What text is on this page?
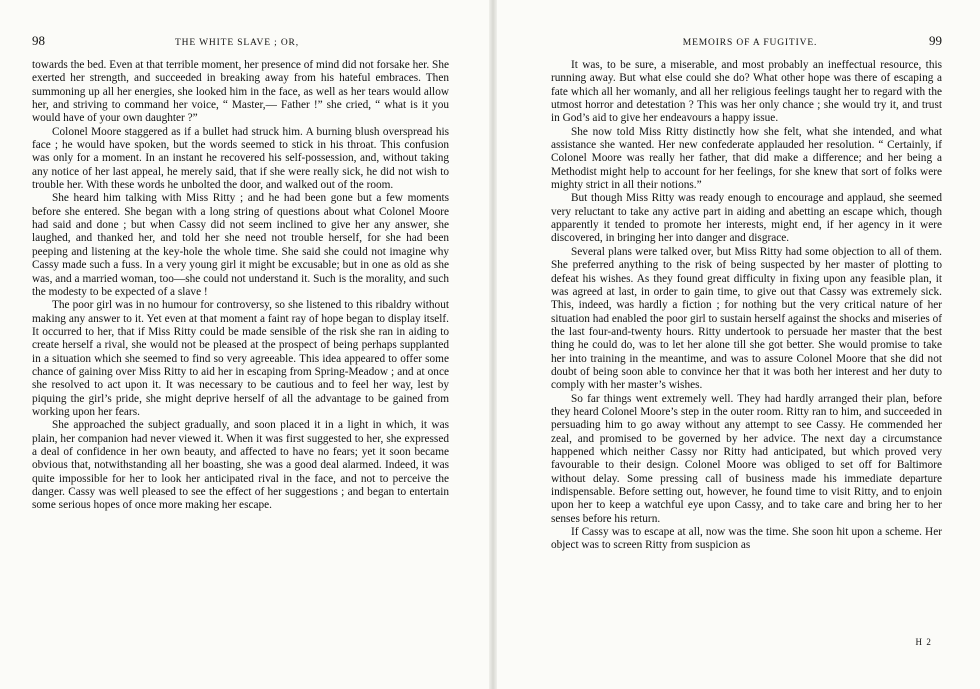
98	THE WHITE SLAVE ; OR,

towards the bed. Even at that terrible moment, her presence of mind did not forsake her. She exerted her strength, and succeeded in breaking away from his hateful embraces. Then summoning up all her energies, she looked him in the face, as well as her tears would allow her, and striving to command her voice, “ Master,— Father !” she cried, “ what is it you would have of your own daughter ?”

Colonel Moore staggered as if a bullet had struck him. A burning blush overspread his face ; he would have spoken, but the words seemed to stick in his throat. This confusion was only for a moment. In an instant he recovered his self-possession, and, without taking any notice of her last appeal, he merely said, that if she were really sick, he did not wish to trouble her. With these words he unbolted the door, and walked out of the room.

She heard him talking with Miss Ritty ; and he had been gone but a few moments before she entered. She began with a long string of questions about what Colonel Moore had said and done ; but when Cassy did not seem inclined to give her any answer, she laughed, and thanked her, and told her she need not trouble herself, for she had been peeping and listening at the key-hole the whole time. She said she could not imagine why Cassy made such a fuss. In a very young girl it might be excusable; but in one as old as she was, and a married woman, too—she could not understand it. Such is the morality, and such the modesty to be expected of a slave !

The poor girl was in no humour for controversy, so she listened to this ribaldry without making any answer to it. Yet even at that moment a faint ray of hope began to display itself. It occurred to her, that if Miss Ritty could be made sensible of the risk she ran in aiding to create herself a rival, she would not be pleased at the prospect of being perhaps supplanted in a situation which she seemed to find so very agreeable. This idea appeared to offer some chance of gaining over Miss Ritty to aid her in escaping from Spring-Meadow ; and at once she resolved to act upon it. It was necessary to be cautious and to feel her way, lest by piquing the girl’s pride, she might deprive herself of all the advantage to be gained from working upon her fears.

She approached the subject gradually, and soon placed it in a light in which, it was plain, her companion had never viewed it. When it was first suggested to her, she expressed a deal of confidence in her own beauty, and affected to have no fears; yet it soon became obvious that, notwithstanding all her boasting, she was a good deal alarmed. Indeed, it was quite impossible for her to look her anticipated rival in the face, and not to perceive the danger. Cassy was well pleased to see the effect of her suggestions ; and began to entertain some serious hopes of once more making her escape.

MEMOIRS OF A FUGITIVE.	99

It was, to be sure, a miserable, and most probably an ineffectual resource, this running away. But what else could she do? What other hope was there of escaping a fate which all her womanly, and all her religious feelings taught her to regard with the utmost horror and detestation ? This was her only chance ; she would try it, and trust in God’s aid to give her endeavours a happy issue.

She now told Miss Ritty distinctly how she felt, what she intended, and what assistance she wanted. Her new confederate applauded her resolution. “ Certainly, if Colonel Moore was really her father, that did make a difference; and her being a Methodist might help to account for her feelings, for she knew that sort of folks were mighty strict in all their notions.”

But though Miss Ritty was ready enough to encourage and applaud, she seemed very reluctant to take any active part in aiding and abetting an escape which, though apparently it tended to promote her interests, might end, if her agency in it were discovered, in bringing her into danger and disgrace.

Several plans were talked over, but Miss Ritty had some objection to all of them. She preferred anything to the risk of being suspected by her master of plotting to defeat his wishes. As they found great difficulty in fixing upon any feasible plan, it was agreed at last, in order to gain time, to give out that Cassy was extremely sick. This, indeed, was hardly a fiction ; for nothing but the very critical nature of her situation had enabled the poor girl to sustain herself against the shocks and miseries of the last four-and-twenty hours. Ritty undertook to persuade her master that the best thing he could do, was to let her alone till she got better. She would promise to take her into training in the meantime, and was to assure Colonel Moore that she did not doubt of being soon able to convince her that it was both her interest and her duty to comply with her master’s wishes.

So far things went extremely well. They had hardly arranged their plan, before they heard Colonel Moore’s step in the outer room. Ritty ran to him, and succeeded in persuading him to go away without any attempt to see Cassy. He commended her zeal, and promised to be governed by her advice. The next day a circumstance happened which neither Cassy nor Ritty had anticipated, but which proved very favourable to their design. Colonel Moore was obliged to set off for Baltimore without delay. Some pressing call of business made his immediate departure indispensable. Before setting out, however, he found time to visit Ritty, and to enjoin upon her to keep a watchful eye upon Cassy, and to take care and bring her to her senses before his return.

If Cassy was to escape at all, now was the time. She soon hit upon a scheme. Her object was to screen Ritty from suspicion as

H 2
